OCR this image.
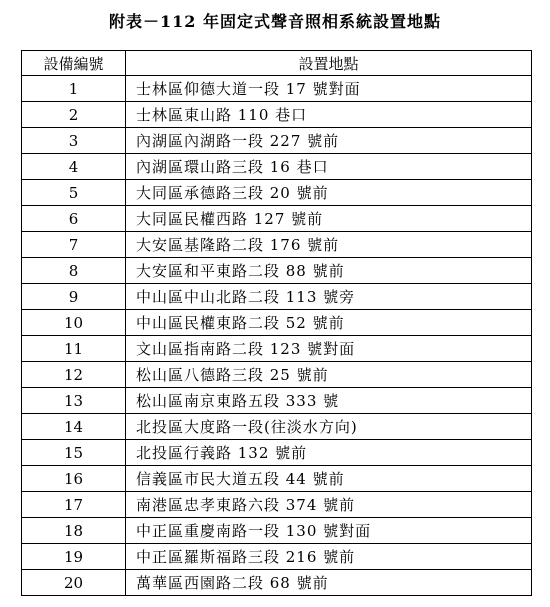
附表－112 年固定式聲音照相系統設置地點
設備編號	設置地點
1	士林區仰德大道一段 17 號對面
2	士林區東山路 110 巷口
3	內湖區內湖路一段 227 號前
4	內湖區環山路三段 16 巷口
5	大同區承德路三段 20 號前
6	大同區民權西路 127 號前
7	大安區基隆路二段 176 號前
8	大安區和平東路二段 88 號前
9	中山區中山北路二段 113 號旁
10	中山區民權東路二段 52 號前
11	文山區指南路二段 123 號對面
12	松山區八德路三段 25 號前
13	松山區南京東路五段 333 號
14	北投區大度路一段(往淡水方向)
15	北投區行義路 132 號前
16	信義區市民大道五段 44 號前
17	南港區忠孝東路六段 374 號前
18	中正區重慶南路一段 130 號對面
19	中正區羅斯福路三段 216 號前
20	萬華區西園路二段 68 號前
